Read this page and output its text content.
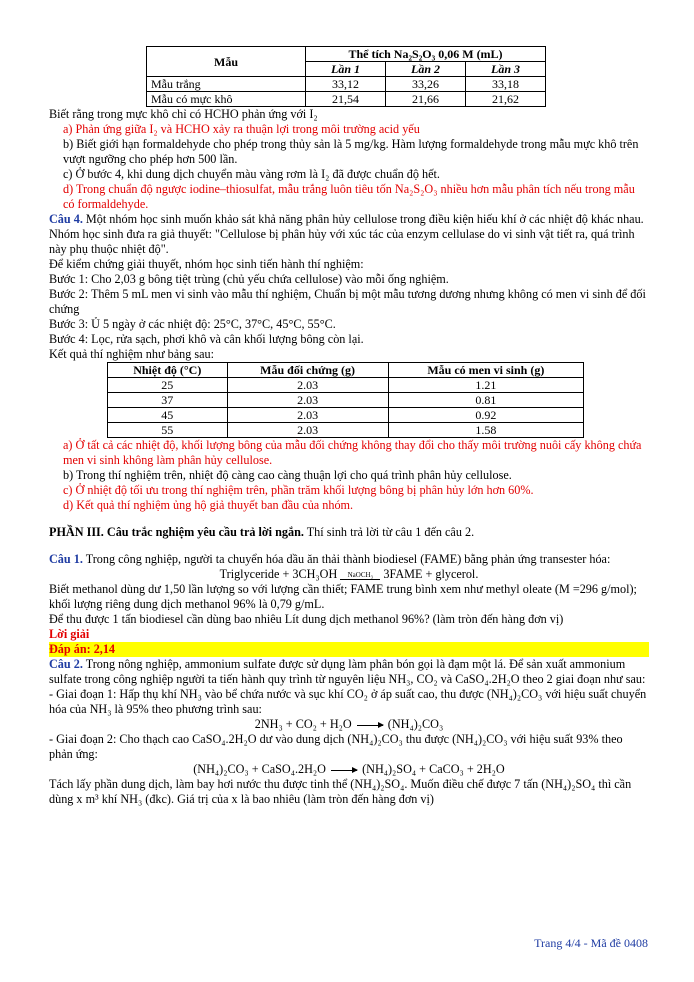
Mẫu	Thể tích Na₂S₂O₃ 0,06 M (mL)		
	Lần 1	Lần 2	Lần 3
Mẫu trắng	33,12	33,26	33,18
Mẫu có mực khô	21,54	21,66	21,62

Biết rằng trong mực khô chỉ có HCHO phản ứng với I₂

a) Phản ứng giữa I₂ và HCHO xảy ra thuận lợi trong môi trường acid yếu

b) Biết giới hạn formaldehyde cho phép trong thủy sản là 5 mg/kg. Hàm lượng formaldehyde trong mẫu mực khô trên vượt ngưỡng cho phép hơn 500 lần.

c) Ở bước 4, khi dung dịch chuyển màu vàng rơm là I₂ đã được chuẩn độ hết.

d) Trong chuẩn độ ngược iodine–thiosulfat, mẫu trắng luôn tiêu tốn Na₂S₂O₃ nhiều hơn mẫu phân tích nếu trong mẫu có formaldehyde.

Câu 4. Một nhóm học sinh muốn khảo sát khả năng phân hủy cellulose trong điều kiện hiếu khí ở các nhiệt độ khác nhau.

Nhóm học sinh đưa ra giả thuyết: "Cellulose bị phân hủy với xúc tác của enzym cellulase do vi sinh vật tiết ra, quá trình này phụ thuộc nhiệt độ".

Để kiểm chứng giải thuyết, nhóm học sinh tiến hành thí nghiệm:

Bước 1: Cho 2,03 g bông tiệt trùng (chủ yếu chứa cellulose) vào mỗi ống nghiệm.

Bước 2: Thêm 5 mL men vi sinh vào mẫu thí nghiệm, Chuẩn bị một mẫu tương dương nhưng không có men vi sinh để đối chứng

Bước 3: Ủ 5 ngày ở các nhiệt độ: 25°C, 37°C, 45°C, 55°C.

Bước 4: Lọc, rửa sạch, phơi khô và cân khối lượng bông còn lại.

Kết quả thí nghiệm như bảng sau:

Nhiệt độ (°C)	Mẫu đối chứng (g)	Mẫu có men vi sinh (g)
25	2.03	1.21
37	2.03	0.81
45	2.03	0.92
55	2.03	1.58

a) Ở tất cả các nhiệt độ, khối lượng bông của mẫu đối chứng không thay đổi cho thấy môi trường nuôi cấy không chứa men vi sinh không làm phân hủy cellulose.

b) Trong thí nghiệm trên, nhiệt độ càng cao càng thuận lợi cho quá trình phân hủy cellulose.

c) Ở nhiệt độ tối ưu trong thí nghiệm trên, phần trăm khối lượng bông bị phân hủy lớn hơn 60%.

d) Kết quả thí nghiệm ủng hộ giả thuyết ban đầu của nhóm.

PHẦN III. Câu trắc nghiệm yêu cầu trả lời ngắn. Thí sinh trả lời từ câu 1 đến câu 2.

Câu 1. Trong công nghiệp, người ta chuyển hóa dầu ăn thải thành biodiesel (FAME) bằng phản ứng transester hóa:

Triglyceride + 3CH₃OH NaOCH₃ 3FAME + glycerol.

Biết methanol dùng dư 1,50 lần lượng so với lượng cần thiết; FAME trung bình xem như methyl oleate (M =296 g/mol); khối lượng riêng dung dịch methanol 96% là 0,79 g/mL.

Để thu được 1 tấn biodiesel cần dùng bao nhiêu Lít dung dịch methanol 96%? (làm tròn đến hàng đơn vị)

Lời giải

Đáp án: 2,14

Câu 2. Trong nông nghiệp, ammonium sulfate được sử dụng làm phân bón gọi là đạm một lá. Để sản xuất ammonium sulfate trong công nghiệp người ta tiến hành quy trình từ nguyên liệu NH₃, CO₂ và CaSO₄.2H₂O theo 2 giai đoạn như sau:

- Giai đoạn 1: Hấp thụ khí NH₃ vào bể chứa nước và sục khí CO₂ ở áp suất cao, thu được (NH₄)₂CO₃ với hiệu suất chuyển hóa của NH₃ là 95% theo phương trình sau:

2NH₃ + CO₂ + H₂O → (NH₄)₂CO₃

- Giai đoạn 2: Cho thạch cao CaSO₄.2H₂O dư vào dung dịch (NH₄)₂CO₃ thu được (NH₄)₂CO₃ với hiệu suất 93% theo phản ứng:

(NH₄)₂CO₃ + CaSO₄.2H₂O → (NH₄)₂SO₄ + CaCO₃ + 2H₂O

Tách lấy phần dung dịch, làm bay hơi nước thu được tinh thể (NH₄)₂SO₄. Muốn điều chế được 7 tấn (NH₄)₂SO₄ thì cần dùng x m³ khí NH₃ (đkc). Giá trị của x là bao nhiêu (làm tròn đến hàng đơn vị)

Trang 4/4 - Mã đề 0408
